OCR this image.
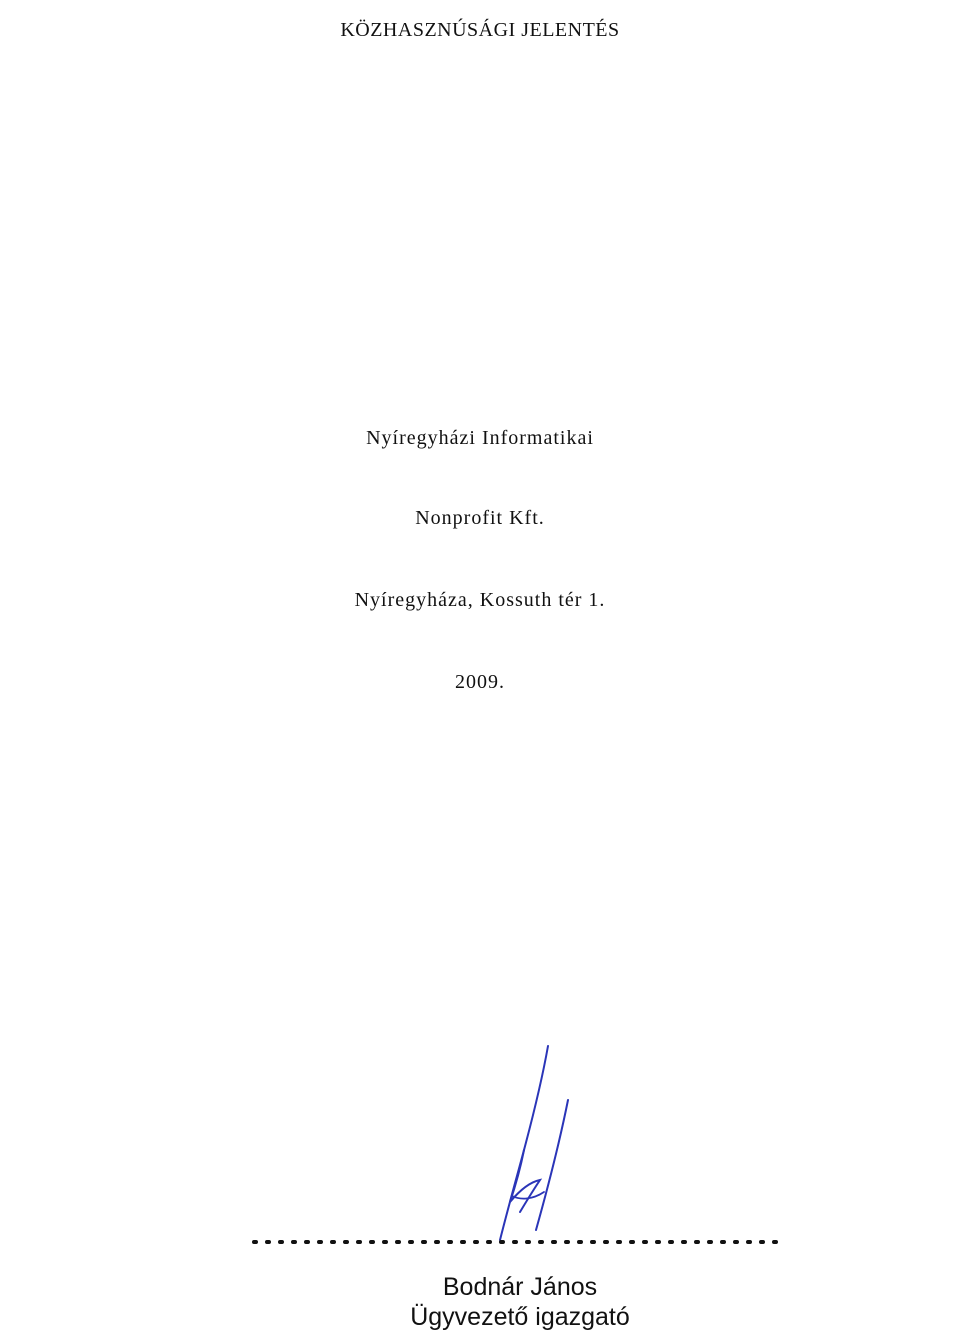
KÖZHASZNÚSÁGI JELENTÉS
Nyíregyházi Informatikai
Nonprofit Kft.
Nyíregyháza, Kossuth tér 1.
2009.
Bodnár János
Ügyvezető igazgató
